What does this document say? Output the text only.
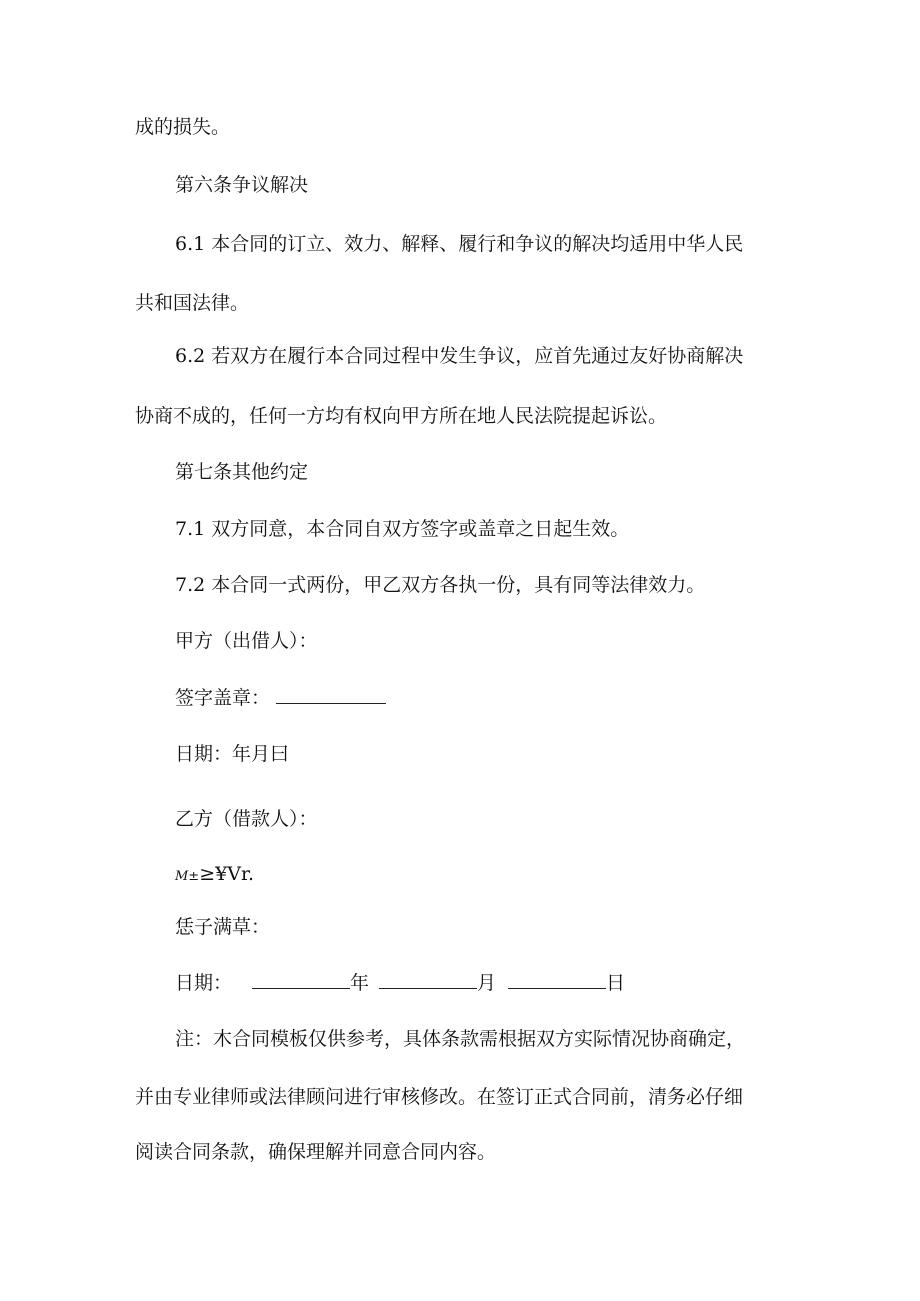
成的损失。
第六条争议解决
6.1 本合同的订立、效力、解释、履行和争议的解决均适用中华人民
共和国法律。
6.2 若双方在履行本合同过程中发生争议，应首先通过友好协商解决
协商不成的，任何一方均有权向甲方所在地人民法院提起诉讼。
第七条其他约定
7.1 双方同意，本合同自双方签字或盖章之日起生效。
7.2 本合同一式两份，甲乙双方各执一份，具有同等法律效力。
甲方（出借人）：
签字盖章：
日期：年月曰
乙方（借款人）：
M±≥¥Vr.
恁子满草：
日期：	年	月	日
注：木合同模板仅供参考，具体条款需根据双方实际情况协商确定，
并由专业律师或法律顾问进行审核修改。在签订正式合同前，清务必仔细
阅读合同条款，确保理解并同意合同内容。
